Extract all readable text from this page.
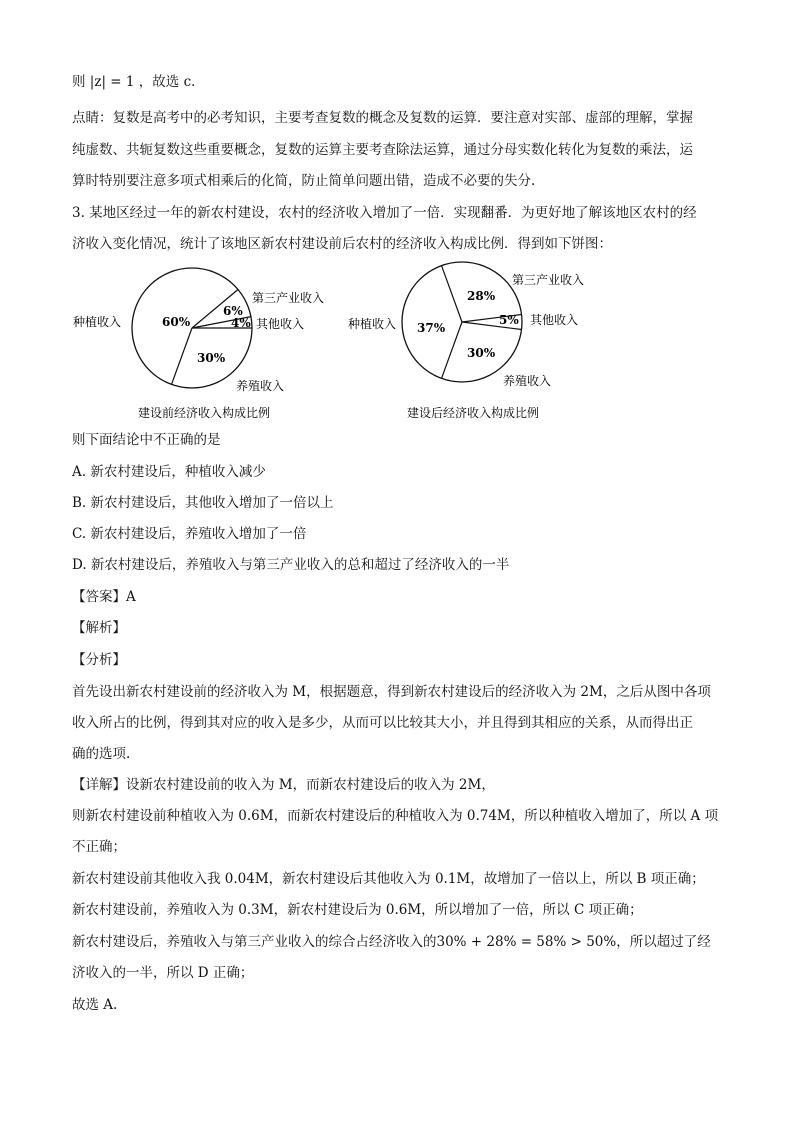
则 |z| = 1 ，故选 c.
点睛：复数是高考中的必考知识，主要考查复数的概念及复数的运算．要注意对实部、虚部的理解，掌握
纯虚数、共轭复数这些重要概念，复数的运算主要考查除法运算，通过分母实数化转化为复数的乘法，运
算时特别要注意多项式相乘后的化简，防止简单问题出错，造成不必要的失分.
3. 某地区经过一年的新农村建设，农村的经济收入增加了一倍．实现翻番．为更好地了解该地区农村的经
济收入变化情况，统计了该地区新农村建设前后农村的经济收入构成比例．得到如下饼图：
60%
6%
4%
30%
种植收入
第三产业收入
其他收入
养殖收入
建设前经济收入构成比例
37%
28%
5%
30%
种植收入
第三产业收入
其他收入
养殖收入
建设后经济收入构成比例
则下面结论中不正确的是
A. 新农村建设后，种植收入减少
B. 新农村建设后，其他收入增加了一倍以上
C. 新农村建设后，养殖收入增加了一倍
D. 新农村建设后，养殖收入与第三产业收入的总和超过了经济收入的一半
【答案】A
【解析】
【分析】
首先设出新农村建设前的经济收入为 M，根据题意，得到新农村建设后的经济收入为 2M，之后从图中各项
收入所占的比例，得到其对应的收入是多少，从而可以比较其大小，并且得到其相应的关系，从而得出正
确的选项.
【详解】设新农村建设前的收入为 M，而新农村建设后的收入为 2M，
则新农村建设前种植收入为 0.6M，而新农村建设后的种植收入为 0.74M，所以种植收入增加了，所以 A 项
不正确；
新农村建设前其他收入我 0.04M，新农村建设后其他收入为 0.1M，故增加了一倍以上，所以 B 项正确；
新农村建设前，养殖收入为 0.3M，新农村建设后为 0.6M，所以增加了一倍，所以 C 项正确；
新农村建设后，养殖收入与第三产业收入的综合占经济收入的30% + 28% = 58% > 50%，所以超过了经
济收入的一半，所以 D 正确；
故选 A.
